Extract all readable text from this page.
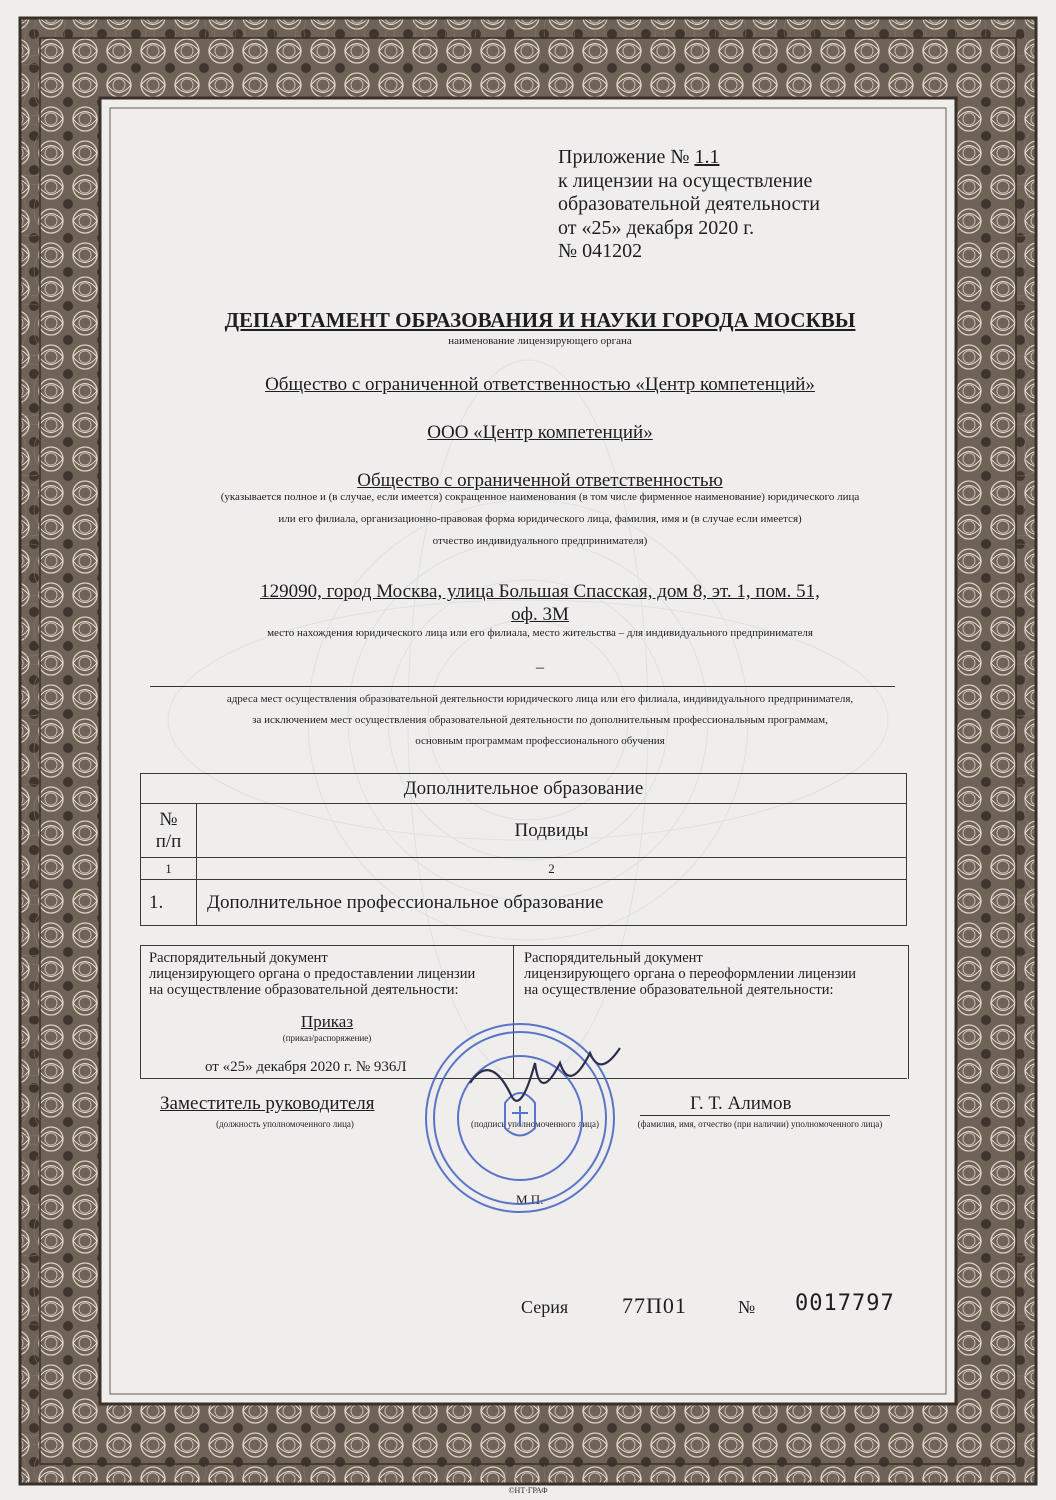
Приложение № 1.1
к лицензии на осуществление
образовательной деятельности
от «25» декабря 2020 г.
№ 041202
ДЕПАРТАМЕНТ ОБРАЗОВАНИЯ И НАУКИ ГОРОДА МОСКВЫ
наименование лицензирующего органа
Общество с ограниченной ответственностью «Центр компетенций»
ООО «Центр компетенций»
Общество с ограниченной ответственностью
(указывается полное и (в случае, если имеется) сокращенное наименования (в том числе фирменное наименование) юридического лица
или его филиала, организационно-правовая форма юридического лица, фамилия, имя и (в случае если имеется)
отчество индивидуального предпринимателя)
129090, город Москва, улица Большая Спасская, дом 8, эт. 1, пом. 51,
оф. 3М
место нахождения юридического лица или его филиала, место жительства – для индивидуального предпринимателя
–
адреса мест осуществления образовательной деятельности юридического лица или его филиала, индивидуального предпринимателя,
за исключением мест осуществления образовательной деятельности по дополнительным профессиональным программам,
основным программам профессионального обучения
Дополнительное образование	

№
п/п	Подвиды
1	2
1.	Дополнительное профессиональное образование
Распорядительный документ
лицензирующего органа о предоставлении лицензии
на осуществление образовательной деятельности:
Приказ
(приказ/распоряжение)
от «25» декабря 2020 г. № 936Л
Распорядительный документ
лицензирующего органа о переоформлении лицензии
на осуществление образовательной деятельности:
Заместитель руководителя
(должность уполномоченного лица)	(подпись уполномоченного лица)
Г. Т. Алимов
(фамилия, имя, отчество (при наличии) уполномоченного лица)
М.П.
Серия 77П01	№ 0017797
©НТ·ГРАФ
